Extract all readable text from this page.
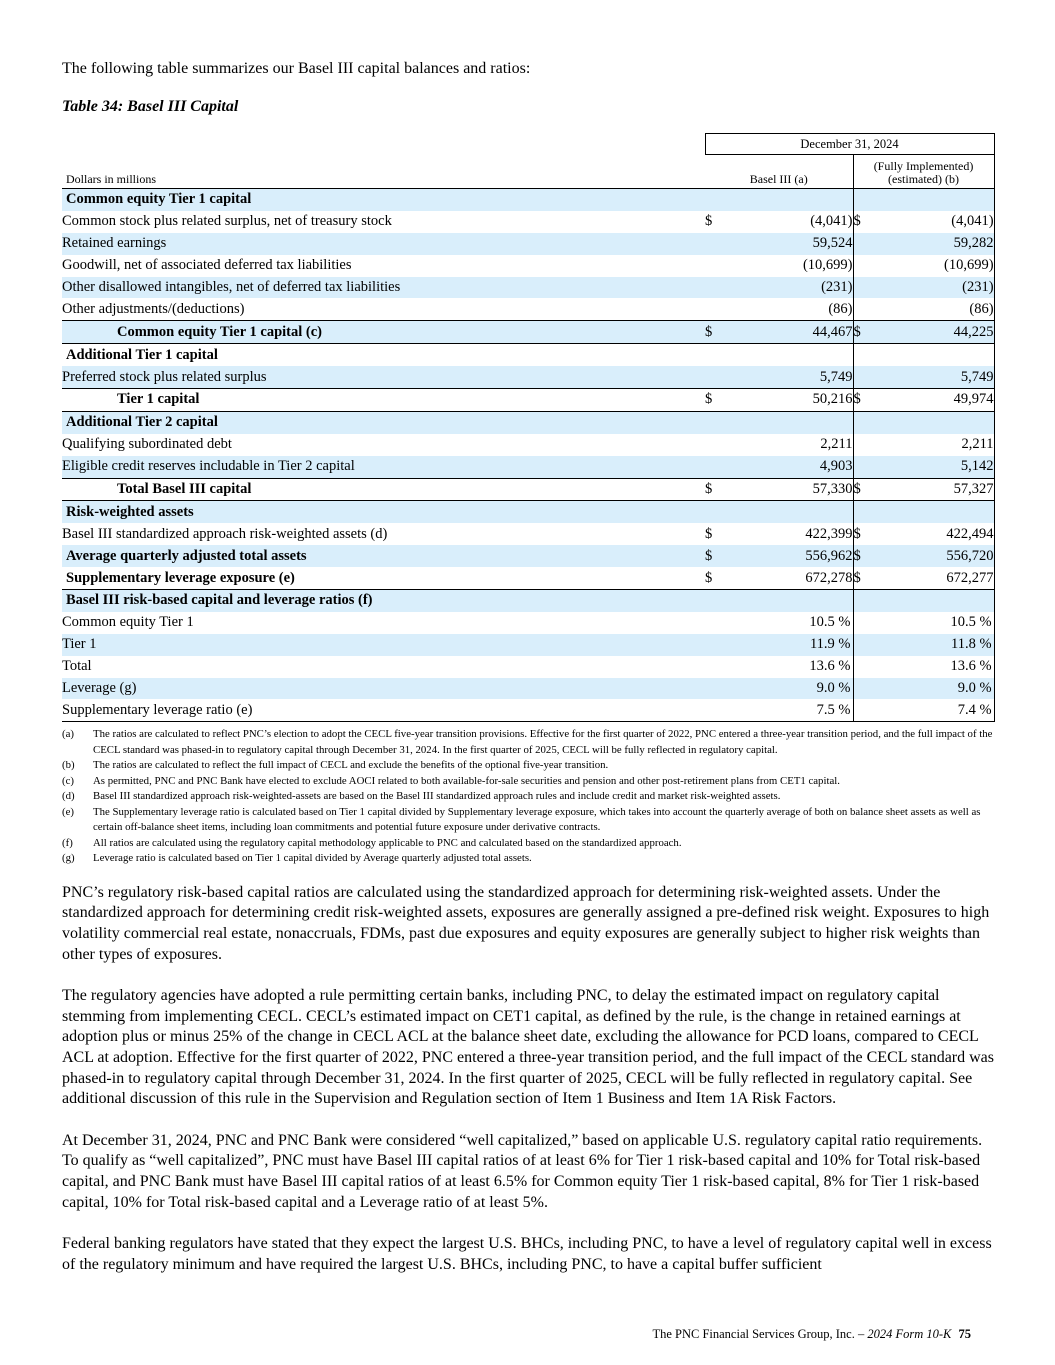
The following table summarizes our Basel III capital balances and ratios:

Table 34: Basel III Capital
	December 31, 2024			
Dollars in millions	Basel III (a)		(Fully Implemented)
(estimated) (b)	
Common equity Tier 1 capital				
Common stock plus related surplus, net of treasury stock	$	(4,041)	$	(4,041)
Retained earnings		59,524		59,282
Goodwill, net of associated deferred tax liabilities		(10,699)		(10,699)
Other disallowed intangibles, net of deferred tax liabilities		(231)		(231)
Other adjustments/(deductions)		(86)		(86)
Common equity Tier 1 capital (c)	$	44,467	$	44,225
Additional Tier 1 capital				
Preferred stock plus related surplus		5,749		5,749
Tier 1 capital	$	50,216	$	49,974
Additional Tier 2 capital				
Qualifying subordinated debt		2,211		2,211
Eligible credit reserves includable in Tier 2 capital		4,903		5,142
Total Basel III capital	$	57,330	$	57,327
Risk-weighted assets				
Basel III standardized approach risk-weighted assets (d)	$	422,399	$	422,494
Average quarterly adjusted total assets	$	556,962	$	556,720
Supplementary leverage exposure (e)	$	672,278	$	672,277
Basel III risk-based capital and leverage ratios (f)				
Common equity Tier 1		10.5 %		10.5 %
Tier 1		11.9 %		11.8 %
Total		13.6 %		13.6 %
Leverage (g)		9.0 %		9.0 %
Supplementary leverage ratio (e)		7.5 %		7.4 %
(a)	The ratios are calculated to reflect PNC’s election to adopt the CECL five-year transition provisions. Effective for the first quarter of 2022, PNC entered a three-year transition period, and the full impact of the CECL standard was phased-in to regulatory capital through December 31, 2024. In the first quarter of 2025, CECL will be fully reflected in regulatory capital.
(b)	The ratios are calculated to reflect the full impact of CECL and exclude the benefits of the optional five-year transition.
(c)	As permitted, PNC and PNC Bank have elected to exclude AOCI related to both available-for-sale securities and pension and other post-retirement plans from CET1 capital.
(d)	Basel III standardized approach risk-weighted-assets are based on the Basel III standardized approach rules and include credit and market risk-weighted assets.
(e)	The Supplementary leverage ratio is calculated based on Tier 1 capital divided by Supplementary leverage exposure, which takes into account the quarterly average of both on balance sheet assets as well as certain off-balance sheet items, including loan commitments and potential future exposure under derivative contracts.
(f)	All ratios are calculated using the regulatory capital methodology applicable to PNC and calculated based on the standardized approach.
(g)	Leverage ratio is calculated based on Tier 1 capital divided by Average quarterly adjusted total assets.

PNC’s regulatory risk-based capital ratios are calculated using the standardized approach for determining risk-weighted assets. Under the standardized approach for determining credit risk-weighted assets, exposures are generally assigned a pre-defined risk weight. Exposures to high volatility commercial real estate, nonaccruals, FDMs, past due exposures and equity exposures are generally subject to higher risk weights than other types of exposures.

The regulatory agencies have adopted a rule permitting certain banks, including PNC, to delay the estimated impact on regulatory capital stemming from implementing CECL. CECL’s estimated impact on CET1 capital, as defined by the rule, is the change in retained earnings at adoption plus or minus 25% of the change in CECL ACL at the balance sheet date, excluding the allowance for PCD loans, compared to CECL ACL at adoption. Effective for the first quarter of 2022, PNC entered a three-year transition period, and the full impact of the CECL standard was phased-in to regulatory capital through December 31, 2024. In the first quarter of 2025, CECL will be fully reflected in regulatory capital. See additional discussion of this rule in the Supervision and Regulation section of Item 1 Business and Item 1A Risk Factors.

At December 31, 2024, PNC and PNC Bank were considered “well capitalized,” based on applicable U.S. regulatory capital ratio requirements. To qualify as “well capitalized”, PNC must have Basel III capital ratios of at least 6% for Tier 1 risk-based capital and 10% for Total risk-based capital, and PNC Bank must have Basel III capital ratios of at least 6.5% for Common equity Tier 1 risk-based capital, 8% for Tier 1 risk-based capital, 10% for Total risk-based capital and a Leverage ratio of at least 5%.

Federal banking regulators have stated that they expect the largest U.S. BHCs, including PNC, to have a level of regulatory capital well in excess of the regulatory minimum and have required the largest U.S. BHCs, including PNC, to have a capital buffer sufficient

The PNC Financial Services Group, Inc. – 2024 Form 10-K 75
